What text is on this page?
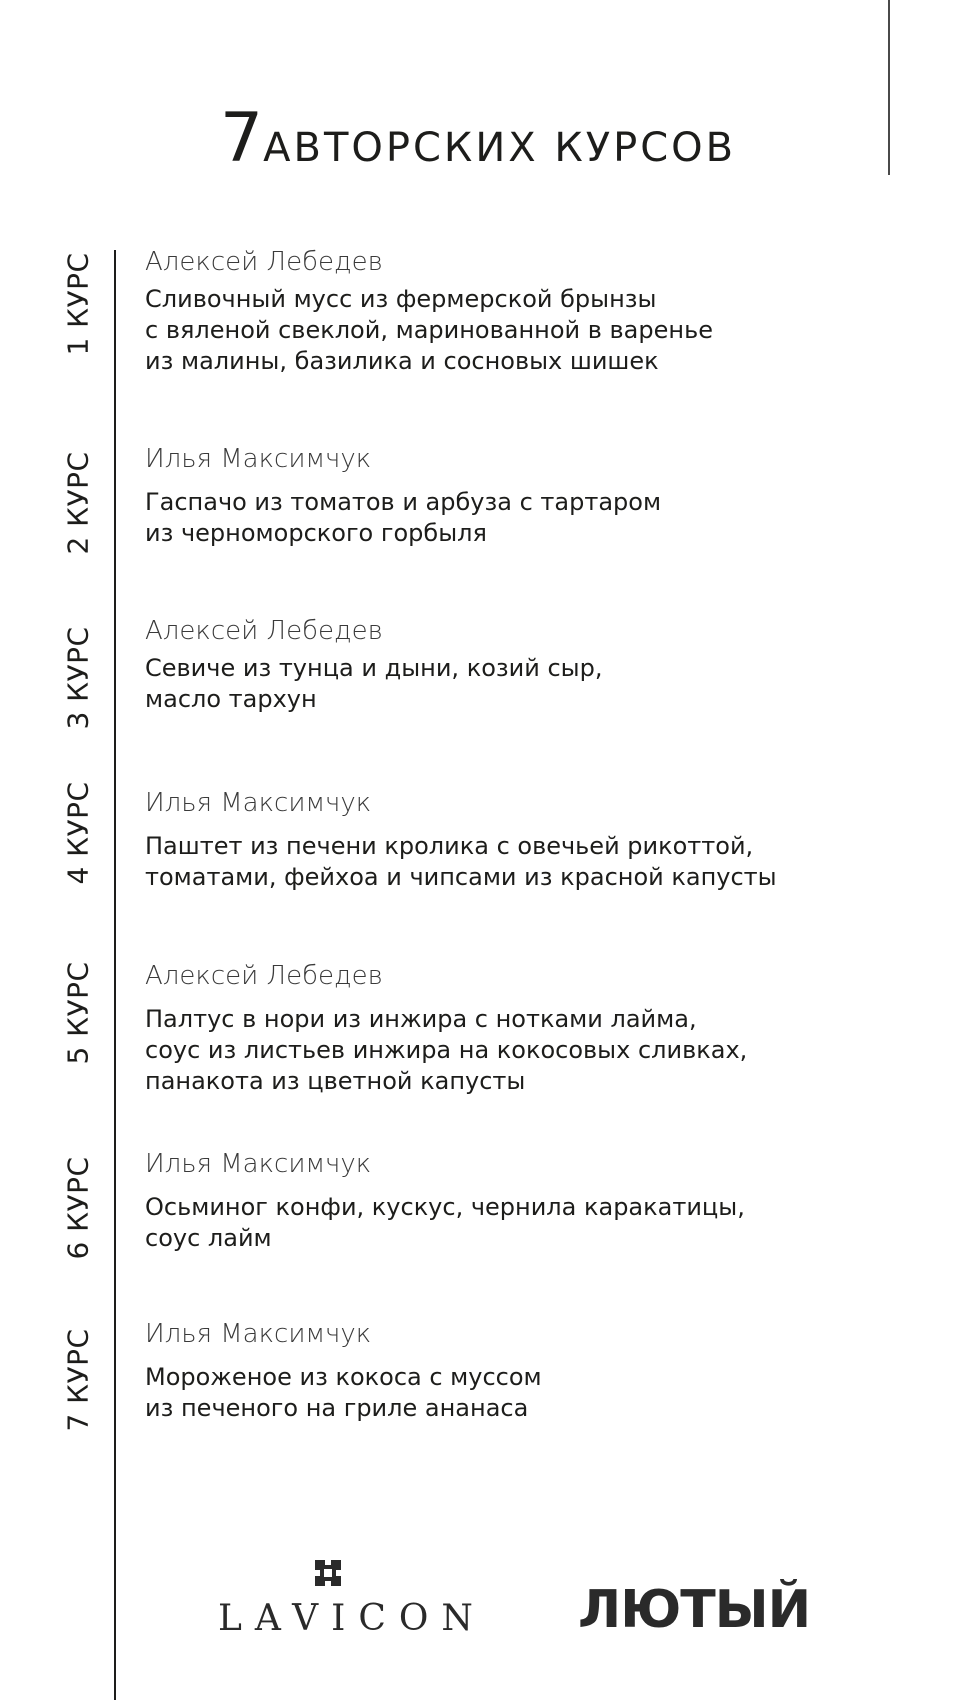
7АВТОРСКИХ КУРСОВ
1 КУРС Алексей Лебедев
Сливочный мусс из фермерской брынзы
с вяленой свеклой, маринованной в варенье
из малины, базилика и сосновых шишек
2 КУРС Илья Максимчук
Гаспачо из томатов и арбуза с тартаром
из черноморского горбыля
3 КУРС Алексей Лебедев
Севиче из тунца и дыни, козий сыр,
масло тархун
4 КУРС Илья Максимчук
Паштет из печени кролика с овечьей рикоттой,
томатами, фейхоа и чипсами из красной капусты
5 КУРС Алексей Лебедев
Палтус в нори из инжира с нотками лайма,
соус из листьев инжира на кокосовых сливках,
панакота из цветной капусты
6 КУРС Илья Максимчук
Осьминог конфи, кускус, чернила каракатицы,
соус лайм
7 КУРС Илья Максимчук
Мороженое из кокоса с муссом
из печеного на гриле ананаса
LAVICON ЛЮТЫЙ
